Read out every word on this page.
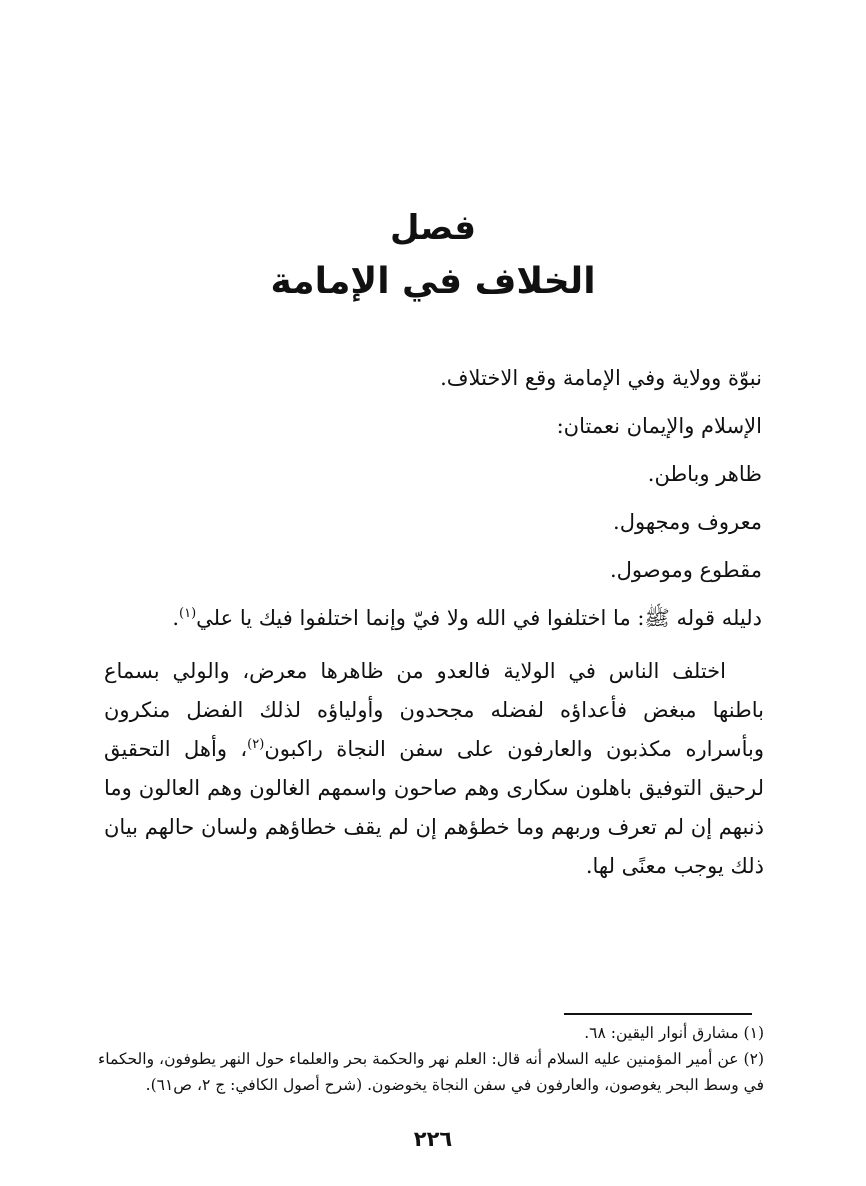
فصل
الخلاف في الإمامة
نبوّة وولاية وفي الإمامة وقع الاختلاف.
الإسلام والإيمان نعمتان:
ظاهر وباطن.
معروف ومجهول.
مقطوع وموصول.
دليله قوله ﷺ: ما اختلفوا في الله ولا فيّ وإنما اختلفوا فيك يا علي$^{(١)}$.
اختلف الناس في الولاية فالعدو من ظاهرها معرض، والولي بسماع باطنها مبغض فأعداؤه لفضله مجحدون وأولياؤه لذلك الفضل منكرون وبأسراره مكذبون والعارفون على سفن النجاة راكبون$^{(٢)}$، وأهل التحقيق لرحيق التوفيق باهلون سكارى وهم صاحون واسمهم الغالون وهم العالون وما ذنبهم إن لم تعرف وربهم وما خطؤهم إن لم يقف خطاؤهم ولسان حالهم بيان ذلك يوجب معنًى لها.

(١) مشارق أنوار اليقين: ٦٨.

(٢) عن أمير المؤمنين عليه السلام أنه قال: العلم نهر والحكمة بحر والعلماء حول النهر يطوفون، والحكماء في وسط البحر يغوصون، والعارفون في سفن النجاة يخوضون. (شرح أصول الكافي: ج ٢، ص٦١).

٢٢٦
